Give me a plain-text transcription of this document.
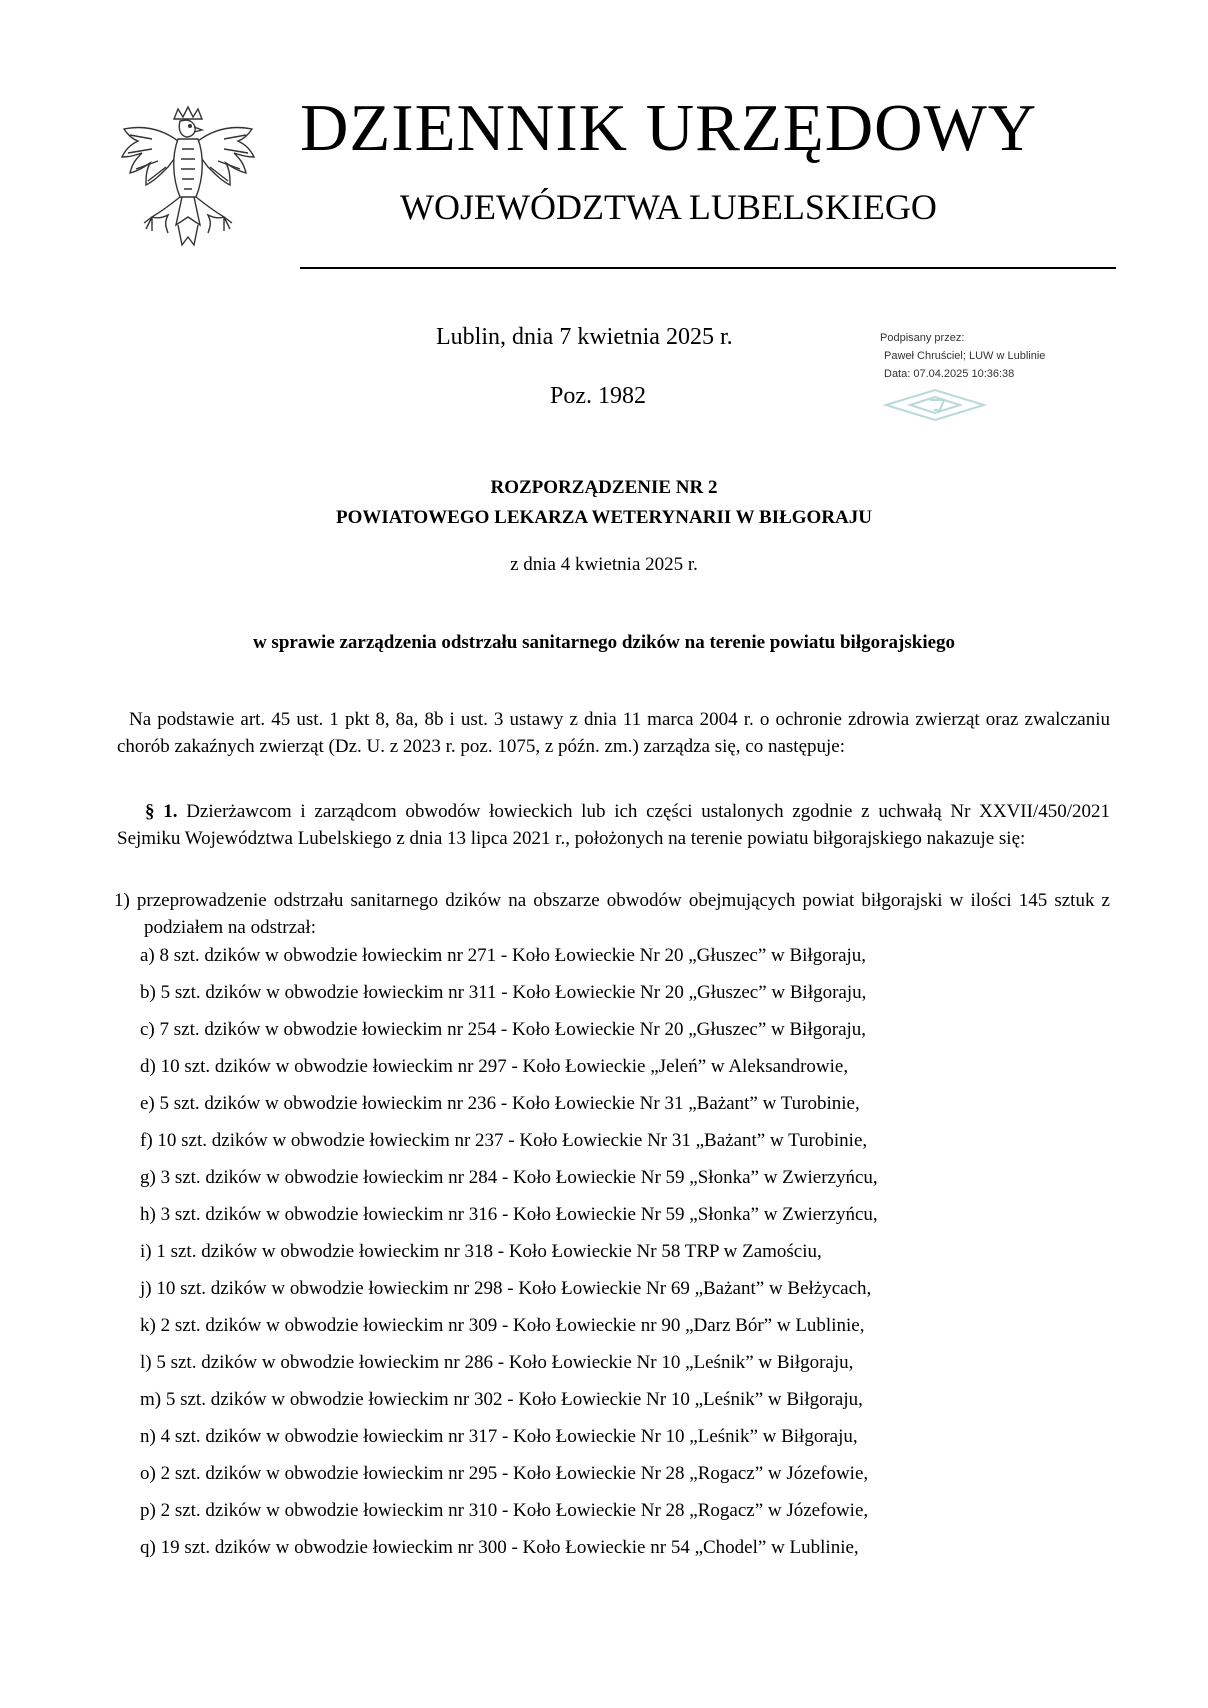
DZIENNIK URZĘDOWY
WOJEWÓDZTWA LUBELSKIEGO
Lublin, dnia 7 kwietnia 2025 r.
Poz. 1982
Podpisany przez:
Paweł Chruściel; LUW w Lublinie
Data: 07.04.2025 10:36:38
ROZPORZĄDZENIE NR 2
POWIATOWEGO LEKARZA WETERYNARII W BIŁGORAJU
z dnia 4 kwietnia 2025 r.
w sprawie zarządzenia odstrzału sanitarnego dzików na terenie powiatu biłgorajskiego
Na podstawie art. 45 ust. 1 pkt 8, 8a, 8b i ust. 3 ustawy z dnia 11 marca 2004 r. o ochronie zdrowia zwierząt oraz zwalczaniu chorób zakaźnych zwierząt (Dz. U. z 2023 r. poz. 1075, z późn. zm.) zarządza się, co następuje:
§ 1. Dzierżawcom i zarządcom obwodów łowieckich lub ich części ustalonych zgodnie z uchwałą Nr XXVII/450/2021 Sejmiku Województwa Lubelskiego z dnia 13 lipca 2021 r., położonych na terenie powiatu biłgorajskiego nakazuje się:
1) przeprowadzenie odstrzału sanitarnego dzików na obszarze obwodów obejmujących powiat biłgorajski w ilości 145 sztuk z podziałem na odstrzał:
a) 8 szt. dzików w obwodzie łowieckim nr 271 - Koło Łowieckie Nr 20 „Głuszec” w Biłgoraju,
b) 5 szt. dzików w obwodzie łowieckim nr 311 - Koło Łowieckie Nr 20 „Głuszec” w Biłgoraju,
c) 7 szt. dzików w obwodzie łowieckim nr 254 - Koło Łowieckie Nr 20 „Głuszec” w Biłgoraju,
d) 10 szt. dzików w obwodzie łowieckim nr 297 - Koło Łowieckie „Jeleń” w Aleksandrowie,
e) 5 szt. dzików w obwodzie łowieckim nr 236 - Koło Łowieckie Nr 31 „Bażant” w Turobinie,
f) 10 szt. dzików w obwodzie łowieckim nr 237 - Koło Łowieckie Nr 31 „Bażant” w Turobinie,
g) 3 szt. dzików w obwodzie łowieckim nr 284 - Koło Łowieckie Nr 59 „Słonka” w Zwierzyńcu,
h) 3 szt. dzików w obwodzie łowieckim nr 316 - Koło Łowieckie Nr 59 „Słonka” w Zwierzyńcu,
i) 1 szt. dzików w obwodzie łowieckim nr 318 - Koło Łowieckie Nr 58 TRP w Zamościu,
j) 10 szt. dzików w obwodzie łowieckim nr 298 - Koło Łowieckie Nr 69 „Bażant” w Bełżycach,
k) 2 szt. dzików w obwodzie łowieckim nr 309 - Koło Łowieckie nr 90 „Darz Bór” w Lublinie,
l) 5 szt. dzików w obwodzie łowieckim nr 286 - Koło Łowieckie Nr 10 „Leśnik” w Biłgoraju,
m) 5 szt. dzików w obwodzie łowieckim nr 302 - Koło Łowieckie Nr 10 „Leśnik” w Biłgoraju,
n) 4 szt. dzików w obwodzie łowieckim nr 317 - Koło Łowieckie Nr 10 „Leśnik” w Biłgoraju,
o) 2 szt. dzików w obwodzie łowieckim nr 295 - Koło Łowieckie Nr 28 „Rogacz” w Józefowie,
p) 2 szt. dzików w obwodzie łowieckim nr 310 - Koło Łowieckie Nr 28 „Rogacz” w Józefowie,
q) 19 szt. dzików w obwodzie łowieckim nr 300 - Koło Łowieckie nr 54 „Chodel” w Lublinie,
